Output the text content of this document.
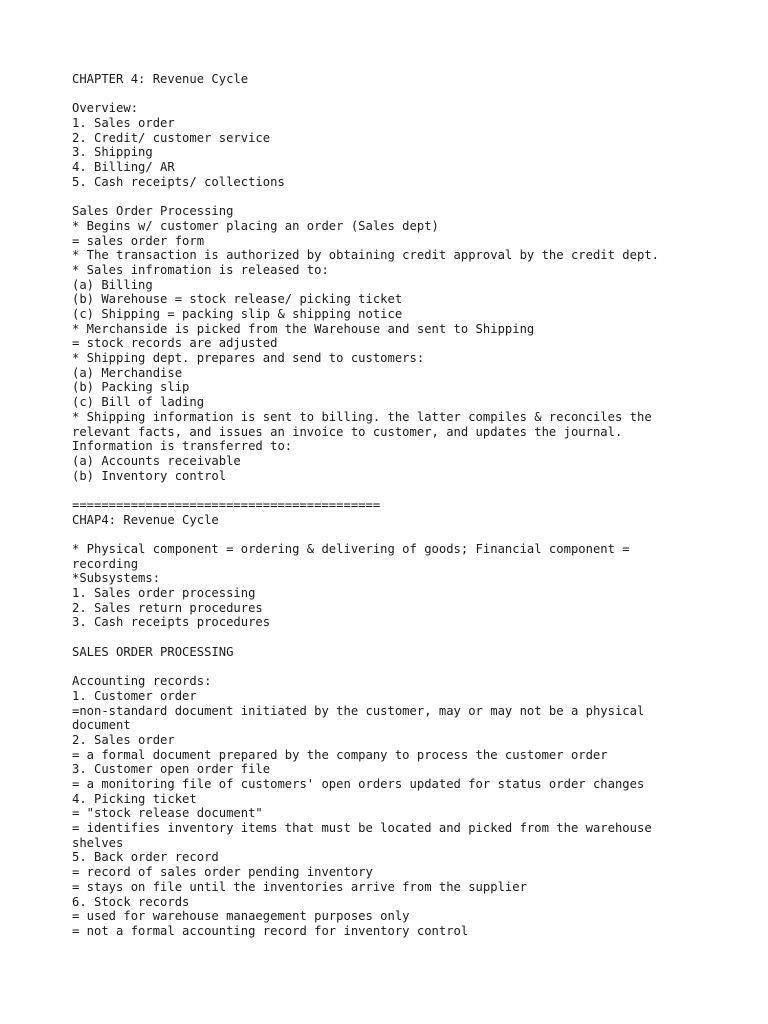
CHAPTER 4: Revenue Cycle
Overview:
1. Sales order
2. Credit/ customer service
3. Shipping
4. Billing/ AR
5. Cash receipts/ collections
Sales Order Processing
* Begins w/ customer placing an order (Sales dept)
= sales order form
* The transaction is authorized by obtaining credit approval by the credit dept.
* Sales infromation is released to:
(a) Billing
(b) Warehouse = stock release/ picking ticket
(c) Shipping = packing slip & shipping notice
* Merchanside is picked from the Warehouse and sent to Shipping
= stock records are adjusted
* Shipping dept. prepares and send to customers:
(a) Merchandise
(b) Packing slip
(c) Bill of lading
* Shipping information is sent to billing. the latter compiles & reconciles the
relevant facts, and issues an invoice to customer, and updates the journal.
Information is transferred to:
(a) Accounts receivable
(b) Inventory control
==========================================
CHAP4: Revenue Cycle
* Physical component = ordering & delivering of goods; Financial component =
recording
*Subsystems:
1. Sales order processing
2. Sales return procedures
3. Cash receipts procedures
SALES ORDER PROCESSING
Accounting records:
1. Customer order
=non-standard document initiated by the customer, may or may not be a physical
document
2. Sales order
= a formal document prepared by the company to process the customer order
3. Customer open order file
= a monitoring file of customers' open orders updated for status order changes
4. Picking ticket
= "stock release document"
= identifies inventory items that must be located and picked from the warehouse
shelves
5. Back order record
= record of sales order pending inventory
= stays on file until the inventories arrive from the supplier
6. Stock records
= used for warehouse manaegement purposes only
= not a formal accounting record for inventory control
